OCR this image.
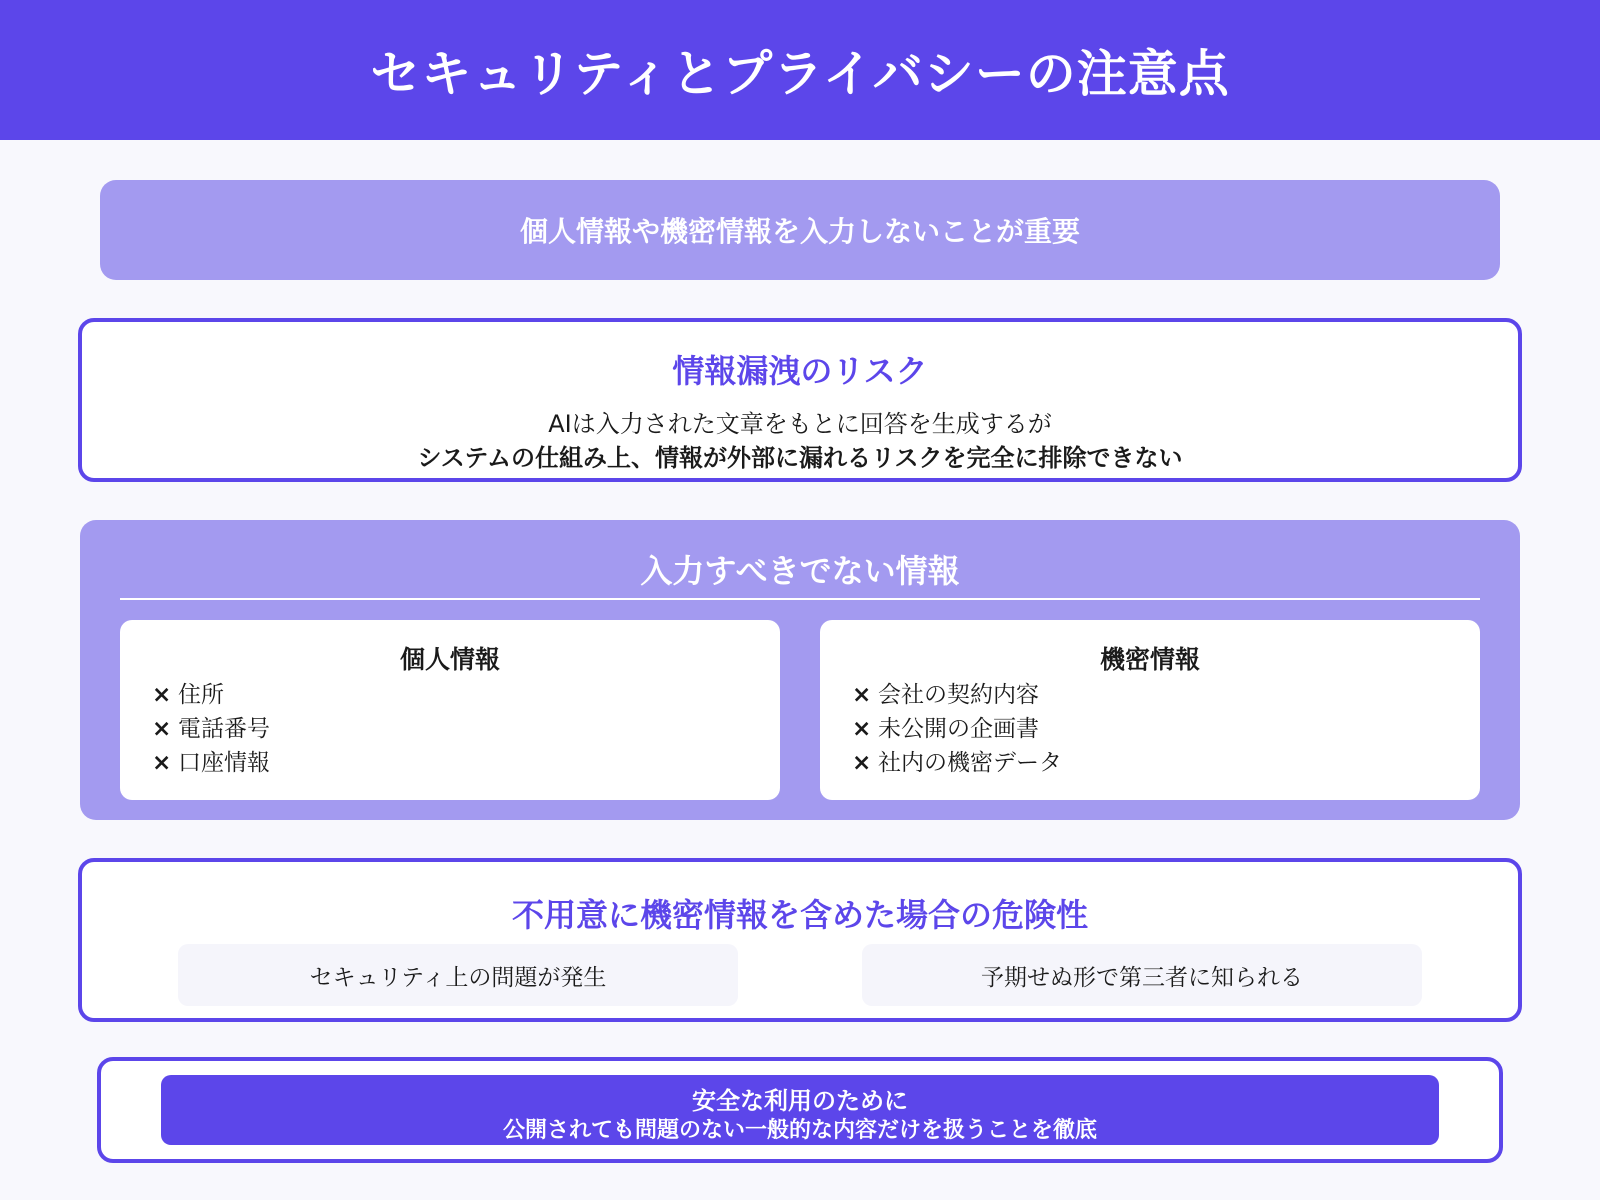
セキュリティとプライバシーの注意点
個人情報や機密情報を入力しないことが重要
情報漏洩のリスク
AIは入力された文章をもとに回答を生成するが
システムの仕組み上、情報が外部に漏れるリスクを完全に排除できない
入力すべきでない情報
個人情報
× 住所
× 電話番号
× 口座情報
機密情報
× 会社の契約内容
× 未公開の企画書
× 社内の機密データ
不用意に機密情報を含めた場合の危険性
セキュリティ上の問題が発生	予期せぬ形で第三者に知られる
安全な利用のために
公開されても問題のない一般的な内容だけを扱うことを徹底
